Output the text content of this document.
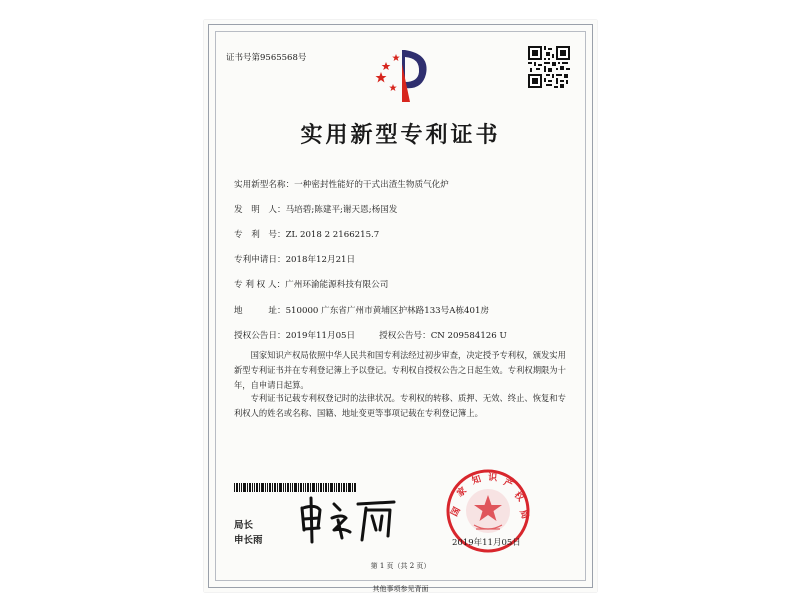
证书号第9565568号
实用新型专利证书
实用新型名称：一种密封性能好的干式出渣生物质气化炉
发　明　人：马培碧;陈建平;谢天恩;杨国发
专　利　号：ZL 2018 2 2166215.7
专利申请日：2018年12月21日
专 利 权 人：广州环渝能源科技有限公司
地　　　址：510000 广东省广州市黄埔区护林路133号A栋401房
授权公告日：2019年11月05日	授权公告号：CN 209584126 U
　　国家知识产权局依照中华人民共和国专利法经过初步审查，决定授予专利权，颁发实用
新型专利证书并在专利登记簿上予以登记。专利权自授权公告之日起生效。专利权期限为十
年，自申请日起算。
　　专利证书记载专利权登记时的法律状况。专利权的转移、质押、无效、终止、恢复和专
利权人的姓名或名称、国籍、地址变更等事项记载在专利登记簿上。
局长
申长雨
国
家
知 识 产
权
局
2019年11月05日
第 1 页（共 2 页）
其他事项参见背面
